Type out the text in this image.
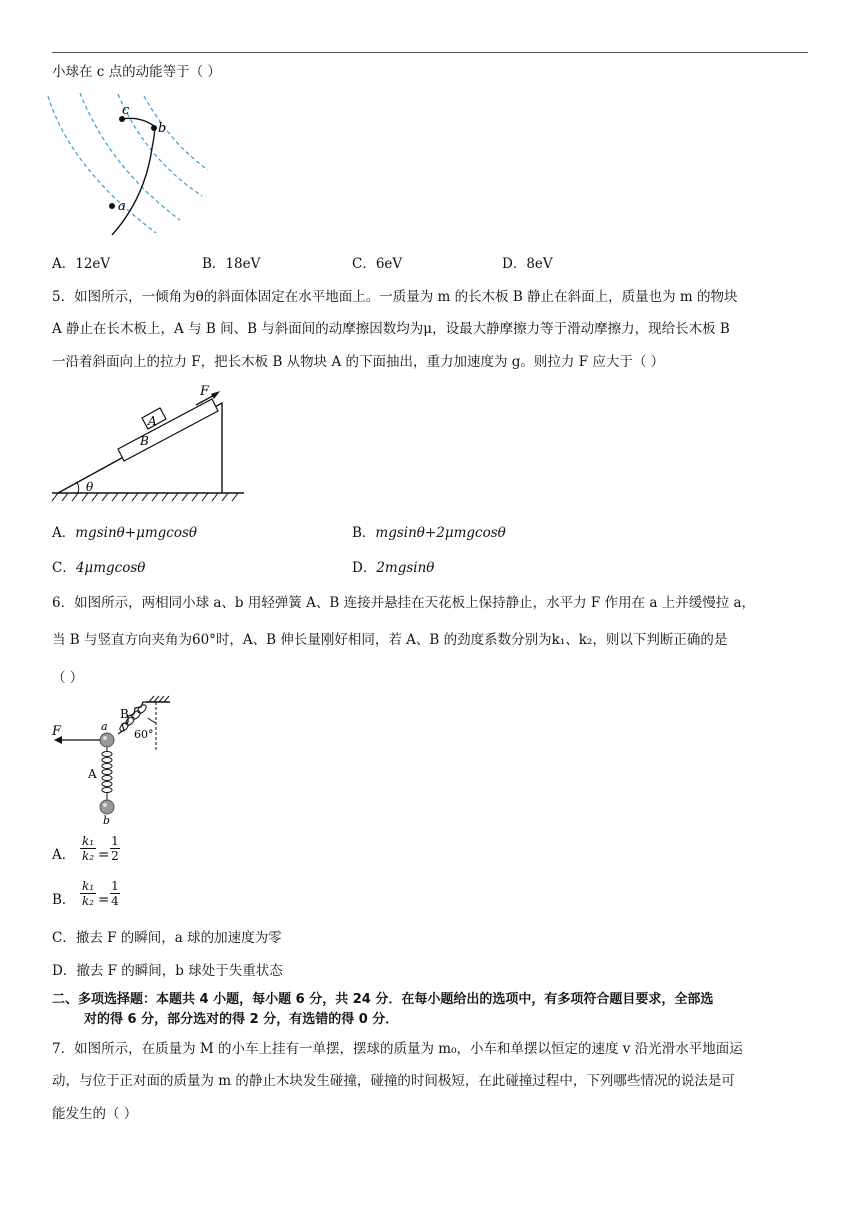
小球在 c 点的动能等于（ ）
a
b
c
A．12eV	B．18eV	C．6eV	D．8eV
5．如图所示，一倾角为θ的斜面体固定在水平地面上。一质量为 m 的长木板 B 静止在斜面上，质量也为 m 的物块
A 静止在长木板上，A 与 B 间、B 与斜面间的动摩擦因数均为μ，设最大静摩擦力等于滑动摩擦力，现给长木板 B
一沿着斜面向上的拉力 F，把长木板 B 从物块 A 的下面抽出，重力加速度为 g。则拉力 F 应大于（ ）
F
A
B
θ
A．mgsinθ+μmgcosθ	B．mgsinθ+2μmgcosθ
C．4μmgcosθ	D．2mgsinθ
6．如图所示，两相同小球 a、b 用轻弹簧 A、B 连接并悬挂在天花板上保持静止，水平力 F 作用在 a 上并缓慢拉 a，
当 B 与竖直方向夹角为60°时，A、B 伸长量刚好相同，若 A、B 的劲度系数分别为k₁、k₂，则以下判断正确的是
（ ）
F	a
b
A
B
60°
A． $\frac{\text{k₁}}{\text{k₂}} = \frac{1}{2}$
B． $\frac{\text{k₁}}{\text{k₂}} = \frac{1}{4}$
C．撤去 F 的瞬间，a 球的加速度为零
D．撤去 F 的瞬间，b 球处于失重状态
二、多项选择题：本题共 4 小题，每小题 6 分，共 24 分．在每小题给出的选项中，有多项符合题目要求，全部选
对的得 6 分，部分选对的得 2 分，有选错的得 0 分．
7．如图所示，在质量为 M 的小车上挂有一单摆，摆球的质量为 m₀，小车和单摆以恒定的速度 v 沿光滑水平地面运
动，与位于正对面的质量为 m 的静止木块发生碰撞，碰撞的时间极短，在此碰撞过程中，下列哪些情况的说法是可
能发生的（ ）
